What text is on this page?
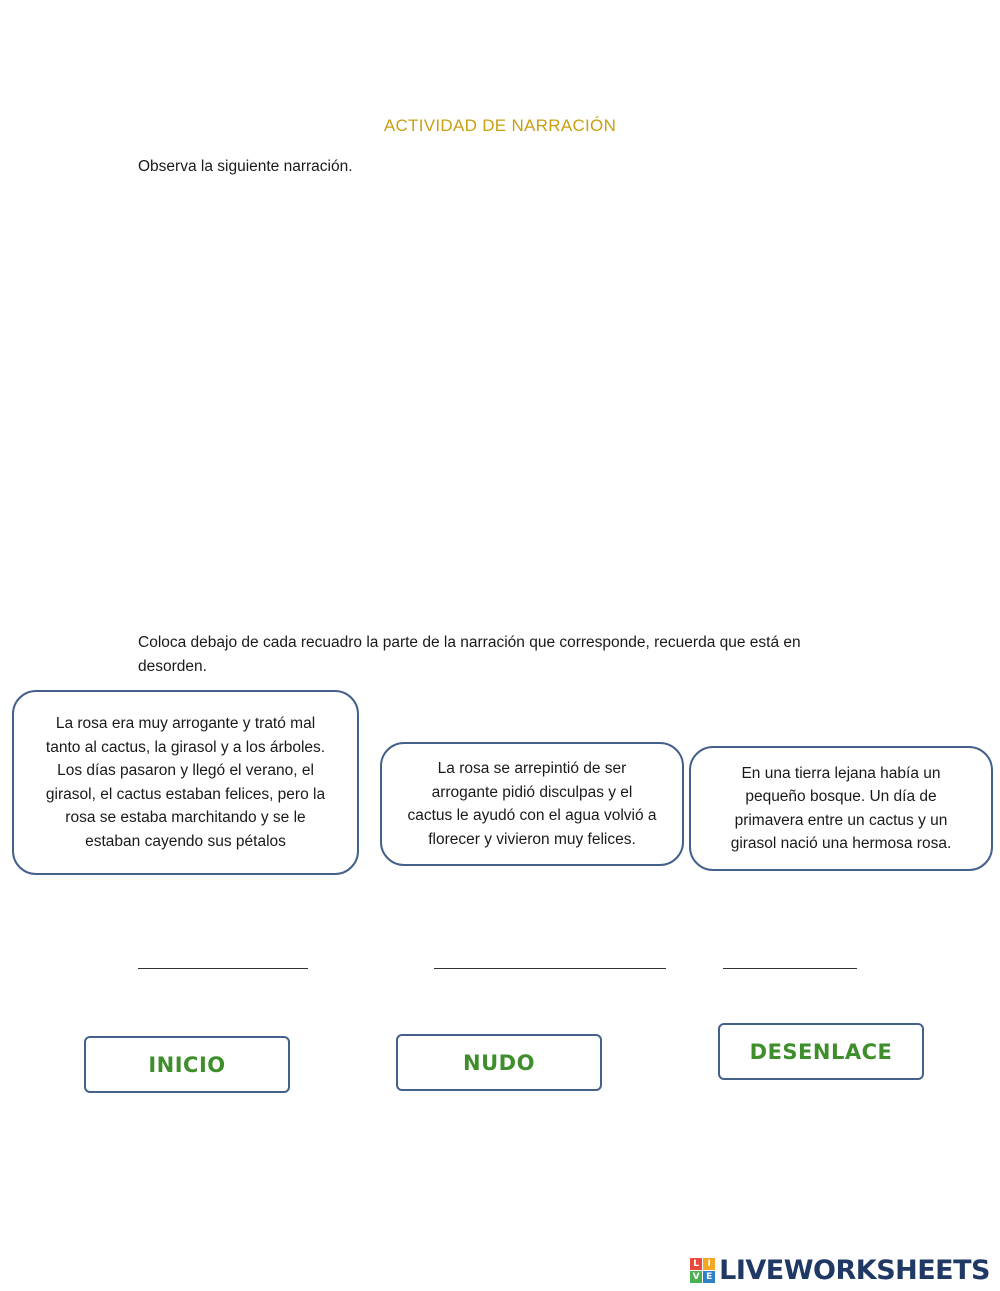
ACTIVIDAD DE NARRACIÓN
Observa la siguiente narración.
Coloca debajo de cada recuadro la parte de la narración que corresponde, recuerda que está en
desorden.
La rosa era muy arrogante y trató mal
tanto al cactus, la girasol y a los árboles.
Los días pasaron y llegó el verano, el
girasol, el cactus estaban felices, pero la
rosa se estaba marchitando y se le
estaban cayendo sus pétalos
La rosa se arrepintió de ser
arrogante pidió disculpas y el
cactus le ayudó con el agua volvió a
florecer y vivieron muy felices.
En una tierra lejana había un
pequeño bosque. Un día de
primavera entre un cactus y un
girasol nació una hermosa rosa.
INICIO	NUDO	DESENLACE
L I
V E LIVEWORKSHEETS
